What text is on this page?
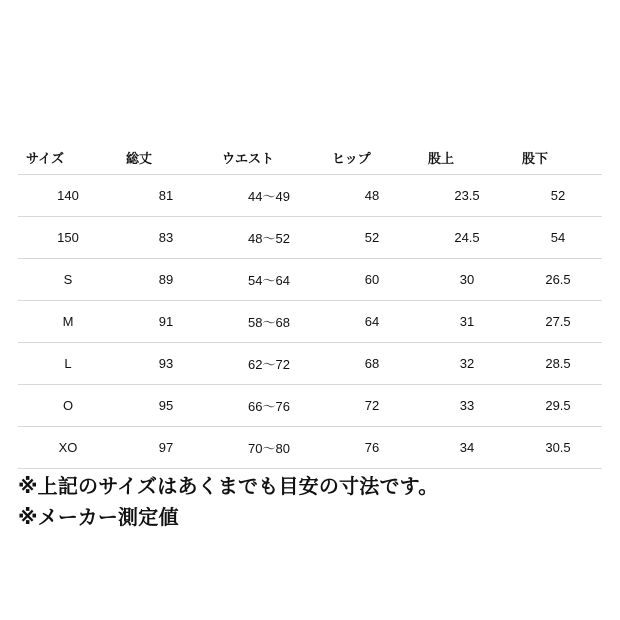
サイズ	総丈	ウエスト	ヒップ	股上	股下
140	81	44〜49	48	23.5	52
150	83	48〜52	52	24.5	54
S	89	54〜64	60	30	26.5
M	91	58〜68	64	31	27.5
L	93	62〜72	68	32	28.5
O	95	66〜76	72	33	29.5
XO	97	70〜80	76	34	30.5
※上記のサイズはあくまでも目安の寸法です。
※メーカー測定値
